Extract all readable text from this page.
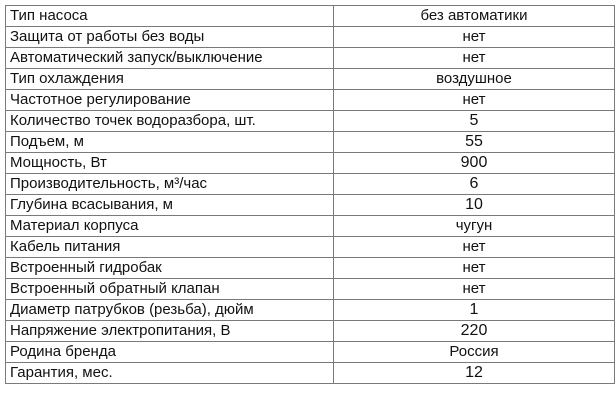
Тип насоса	без автоматики
Защита от работы без воды	нет
Автоматический запуск/выключение	нет
Тип охлаждения	воздушное
Частотное регулирование	нет
Количество точек водоразбора, шт.	5
Подъем, м	55
Мощность, Вт	900
Производительность, м³/час	6
Глубина всасывания, м	10
Материал корпуса	чугун
Кабель питания	нет
Встроенный гидробак	нет
Встроенный обратный клапан	нет
Диаметр патрубков (резьба), дюйм	1
Напряжение электропитания, В	220
Родина бренда	Россия
Гарантия, мес.	12
